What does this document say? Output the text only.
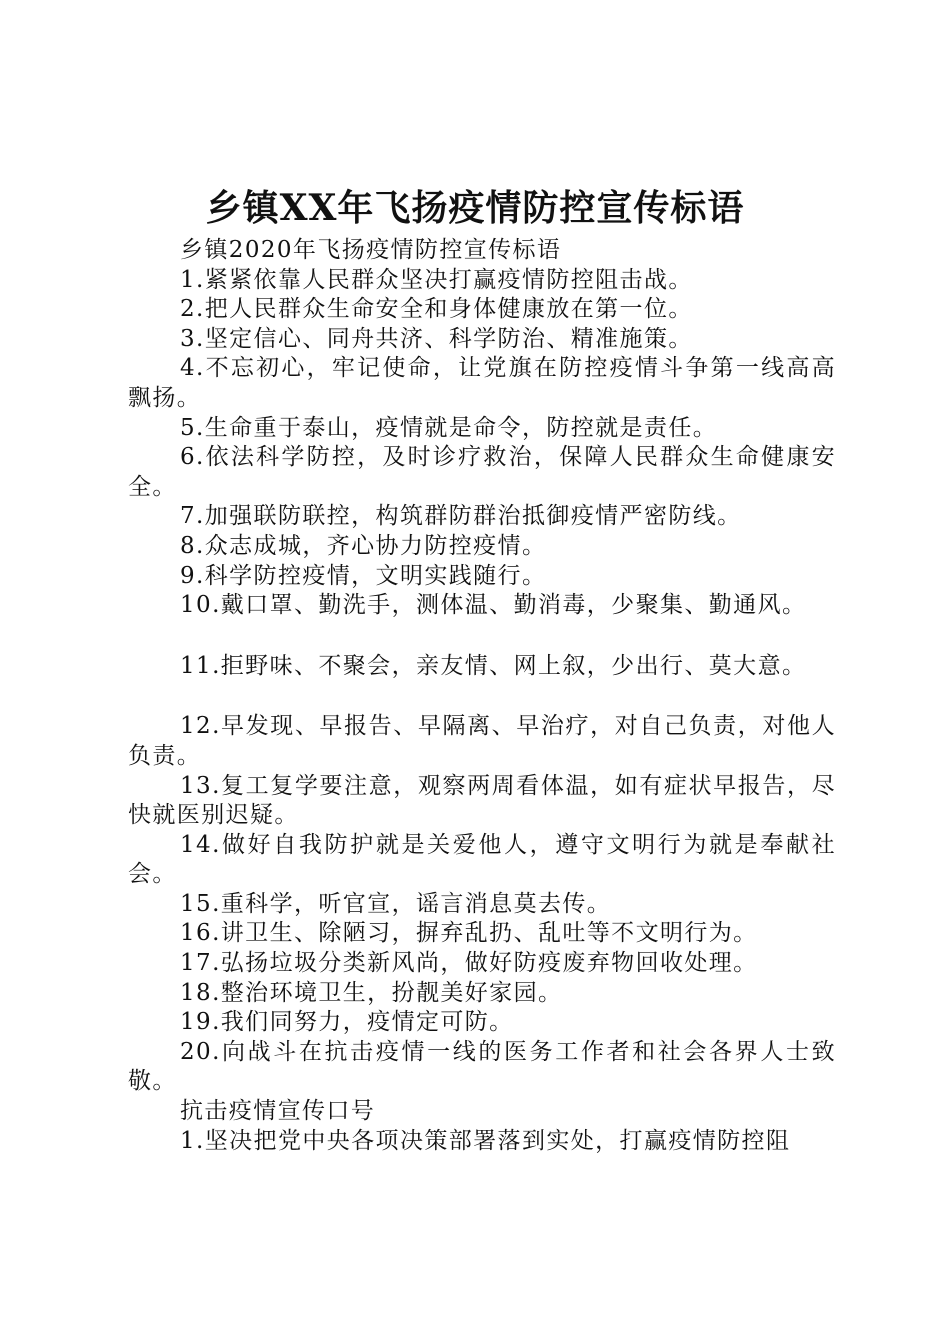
乡镇XX年飞扬疫情防控宣传标语

乡镇2020年飞扬疫情防控宣传标语

1.紧紧依靠人民群众坚决打赢疫情防控阻击战。

2.把人民群众生命安全和身体健康放在第一位。

3.坚定信心、同舟共济、科学防治、精准施策。

4.不忘初心，牢记使命，让党旗在防控疫情斗争第一线高高飘扬。

5.生命重于泰山，疫情就是命令，防控就是责任。

6.依法科学防控，及时诊疗救治，保障人民群众生命健康安全。

7.加强联防联控，构筑群防群治抵御疫情严密防线。

8.众志成城，齐心协力防控疫情。

9.科学防控疫情，文明实践随行。

10.戴口罩、勤洗手，测体温、勤消毒，少聚集、勤通风。

11.拒野味、不聚会，亲友情、网上叙，少出行、莫大意。

12.早发现、早报告、早隔离、早治疗，对自己负责，对他人负责。

13.复工复学要注意，观察两周看体温，如有症状早报告，尽快就医别迟疑。

14.做好自我防护就是关爱他人，遵守文明行为就是奉献社会。

15.重科学，听官宣，谣言消息莫去传。

16.讲卫生、除陋习，摒弃乱扔、乱吐等不文明行为。

17.弘扬垃圾分类新风尚，做好防疫废弃物回收处理。

18.整治环境卫生，扮靓美好家园。

19.我们同努力，疫情定可防。

20.向战斗在抗击疫情一线的医务工作者和社会各界人士致敬。

抗击疫情宣传口号

1.坚决把党中央各项决策部署落到实处，打赢疫情防控阻
